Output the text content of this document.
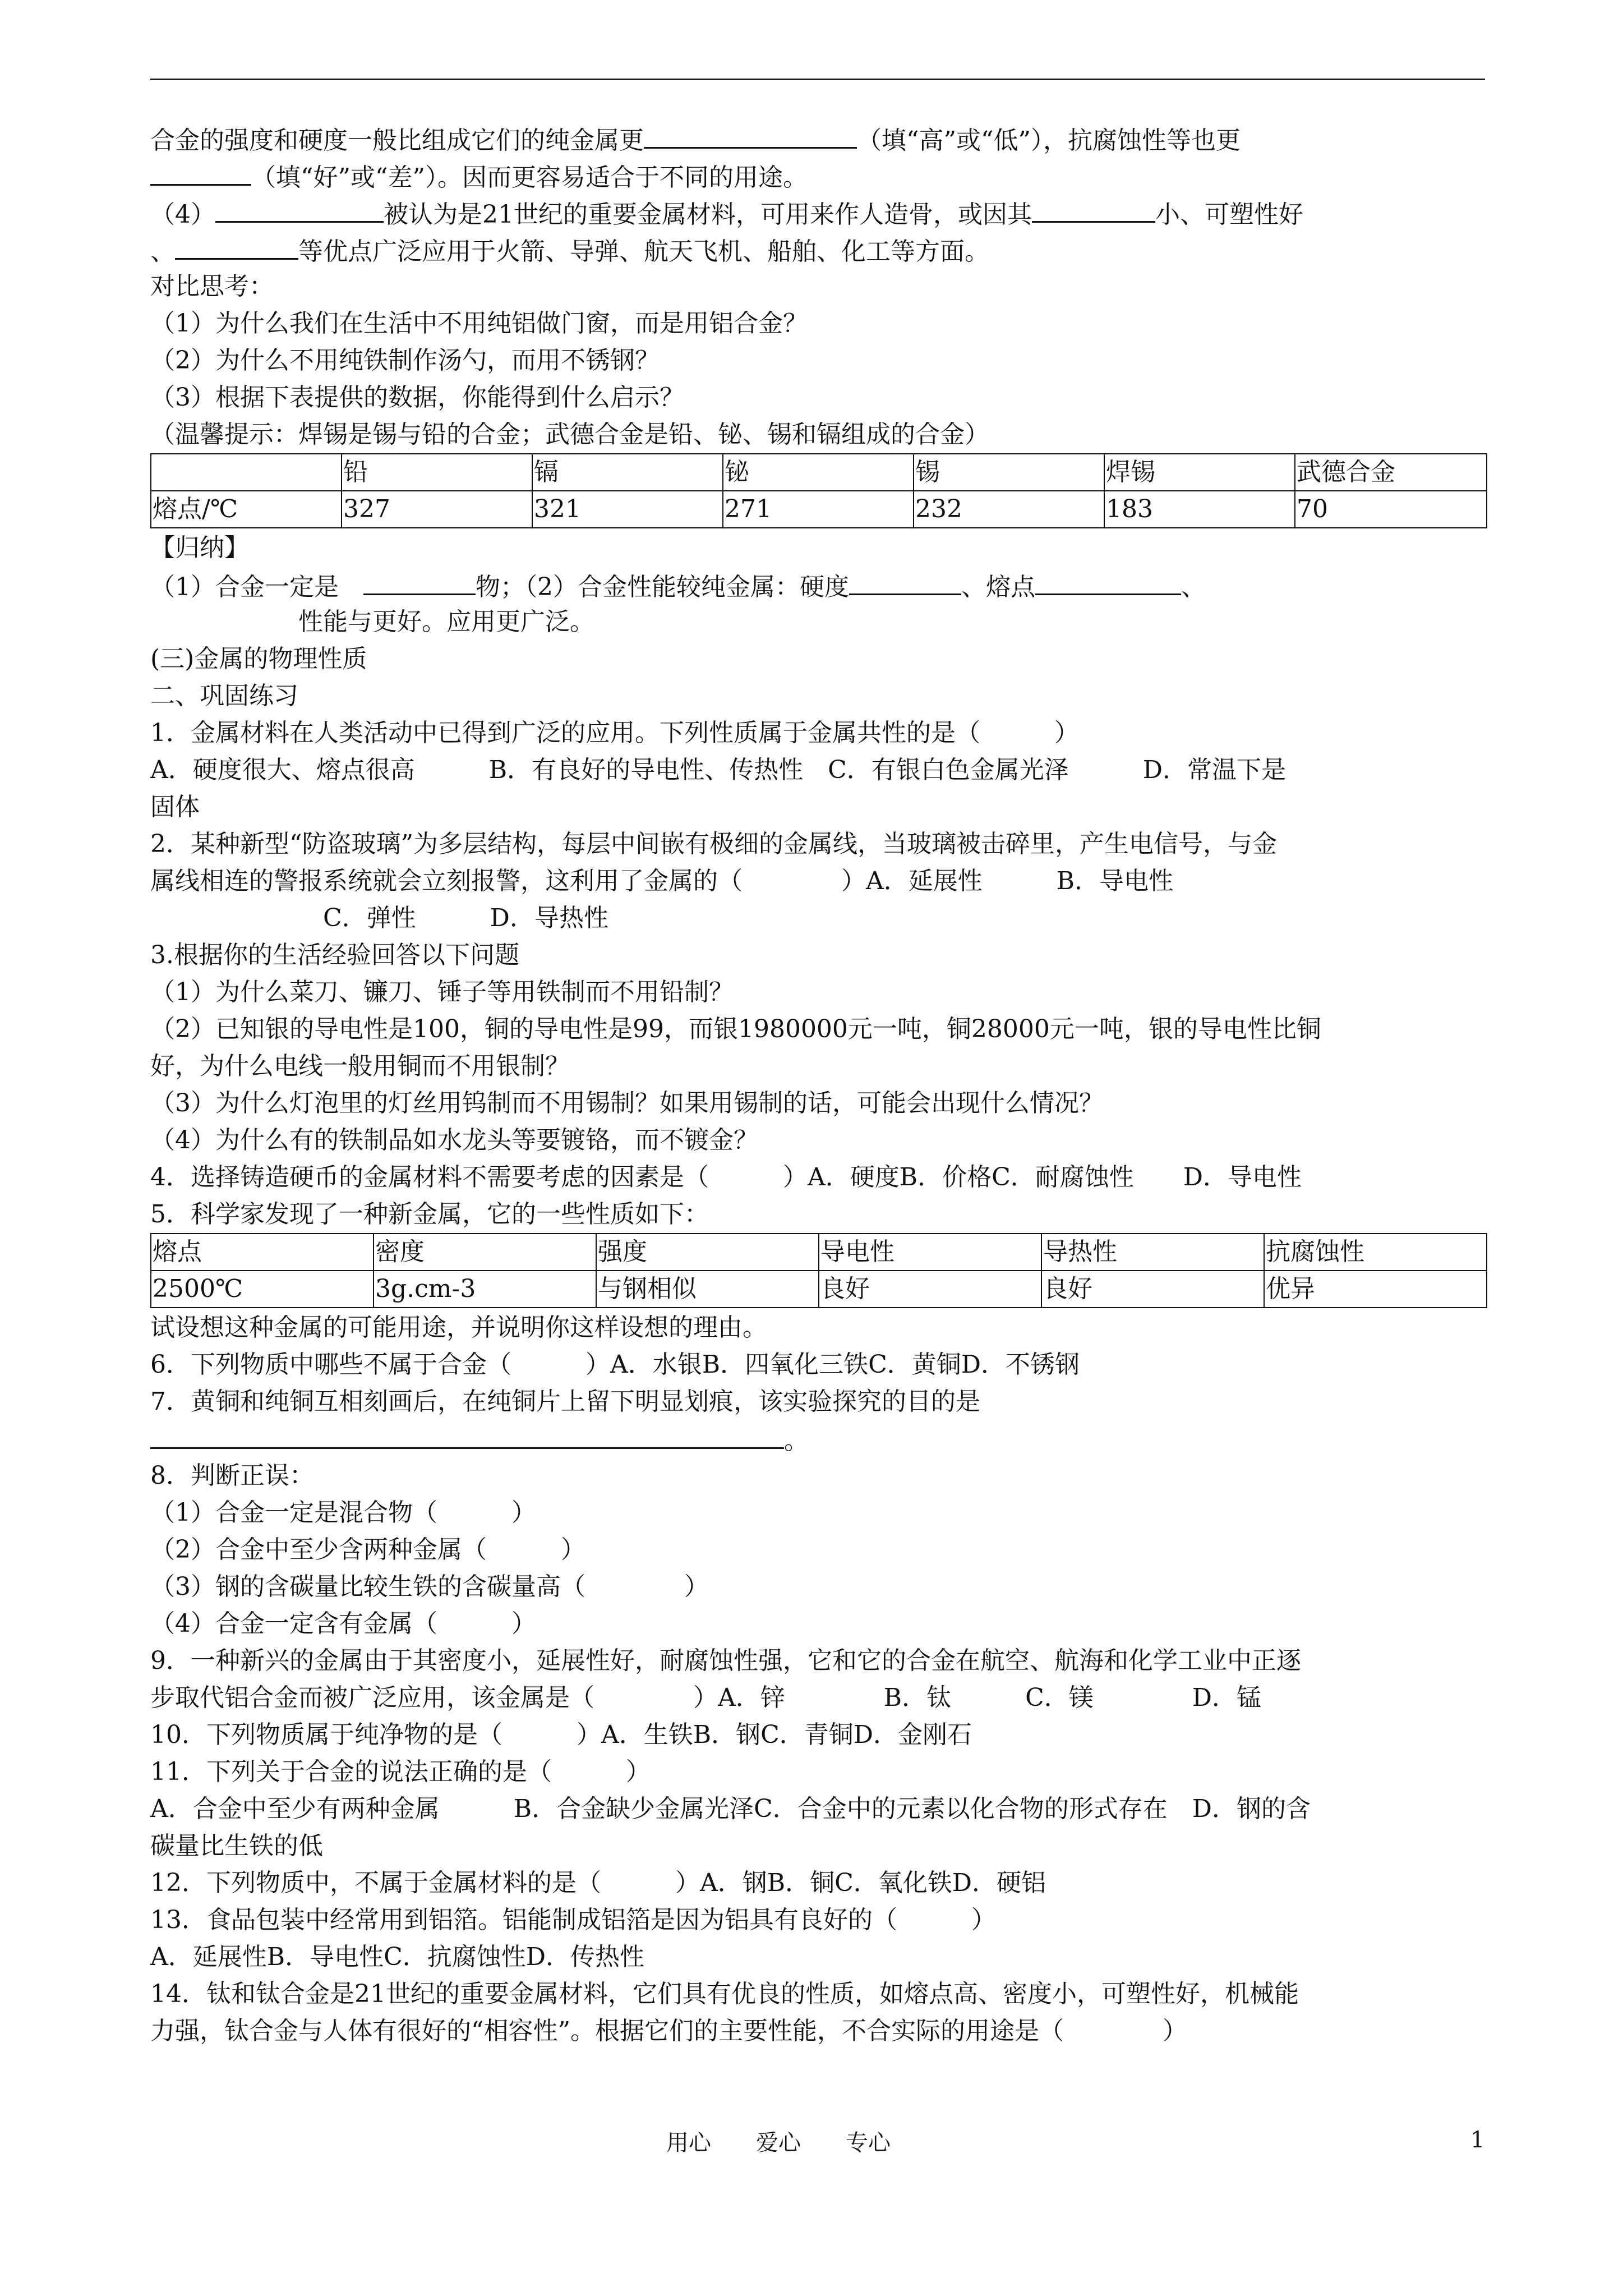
合金的强度和硬度一般比组成它们的纯金属更	（填“高”或“低”），抗腐蚀性等也更
（填“好”或“差”）。因而更容易适合于不同的用途。
（4）	被认为是21世纪的重要金属材料，可用来作人造骨，或因其	小、可塑性好
、	等优点广泛应用于火箭、导弹、航天飞机、船舶、化工等方面。
对比思考：
（1）为什么我们在生活中不用纯铝做门窗，而是用铝合金？
（2）为什么不用纯铁制作汤勺，而用不锈钢？
（3）根据下表提供的数据，你能得到什么启示？
（温馨提示：焊锡是锡与铅的合金；武德合金是铅、铋、锡和镉组成的合金）
	铅	镉	铋	锡	焊锡	武德合金
熔点/℃	327	321	271	232	183	70
【归纳】
（1）合金一定是　	物；（2）合金性能较纯金属：硬度	、熔点	、
　　　　　　性能与更好。应用更广泛。
(三)金属的物理性质
二、巩固练习
1．金属材料在人类活动中已得到广泛的应用。下列性质属于金属共性的是（　　　）
A．硬度很大、熔点很高　　　B．有良好的导电性、传热性　C．有银白色金属光泽　　　D．常温下是
固体
2．某种新型“防盗玻璃”为多层结构，每层中间嵌有极细的金属线，当玻璃被击碎里，产生电信号，与金
属线相连的警报系统就会立刻报警，这利用了金属的（　　　　）A．延展性　　　B．导电性
　　　　　　　C．弹性　　　D．导热性
3.根据你的生活经验回答以下问题
（1）为什么菜刀、镰刀、锤子等用铁制而不用铅制？
（2）已知银的导电性是100，铜的导电性是99，而银1980000元一吨，铜28000元一吨，银的导电性比铜
好，为什么电线一般用铜而不用银制？
（3）为什么灯泡里的灯丝用钨制而不用锡制？如果用锡制的话，可能会出现什么情况？
（4）为什么有的铁制品如水龙头等要镀铬，而不镀金？
4．选择铸造硬币的金属材料不需要考虑的因素是（　　　）A．硬度B．价格C．耐腐蚀性　　D．导电性
5．科学家发现了一种新金属，它的一些性质如下：
熔点	密度	强度	导电性	导热性	抗腐蚀性
2500℃	3g.cm-3	与钢相似	良好	良好	优异
试设想这种金属的可能用途，并说明你这样设想的理由。
6．下列物质中哪些不属于合金（　　　）A．水银B．四氧化三铁C．黄铜D．不锈钢
7．黄铜和纯铜互相刻画后，在纯铜片上留下明显划痕，该实验探究的目的是
。
8．判断正误：
（1）合金一定是混合物（　　　）
（2）合金中至少含两种金属（　　　）
（3）钢的含碳量比较生铁的含碳量高（　　　　）
（4）合金一定含有金属（　　　）
9．一种新兴的金属由于其密度小，延展性好，耐腐蚀性强，它和它的合金在航空、航海和化学工业中正逐
步取代铝合金而被广泛应用，该金属是（　　　　）A．锌　　　　B．钛　　　C．镁　　　　D．锰
10．下列物质属于纯净物的是（　　　）A．生铁B．钢C．青铜D．金刚石
11．下列关于合金的说法正确的是（　　　）
A．合金中至少有两种金属　　　B．合金缺少金属光泽C．合金中的元素以化合物的形式存在　D．钢的含
碳量比生铁的低
12．下列物质中，不属于金属材料的是（　　　）A．钢B．铜C．氧化铁D．硬铝
13．食品包装中经常用到铝箔。铝能制成铝箔是因为铝具有良好的（　　　）
A．延展性B．导电性C．抗腐蚀性D．传热性
14．钛和钛合金是21世纪的重要金属材料，它们具有优良的性质，如熔点高、密度小，可塑性好，机械能
力强，钛合金与人体有很好的“相容性”。根据它们的主要性能，不合实际的用途是（　　　　）
用心　　爱心　　专心	1
